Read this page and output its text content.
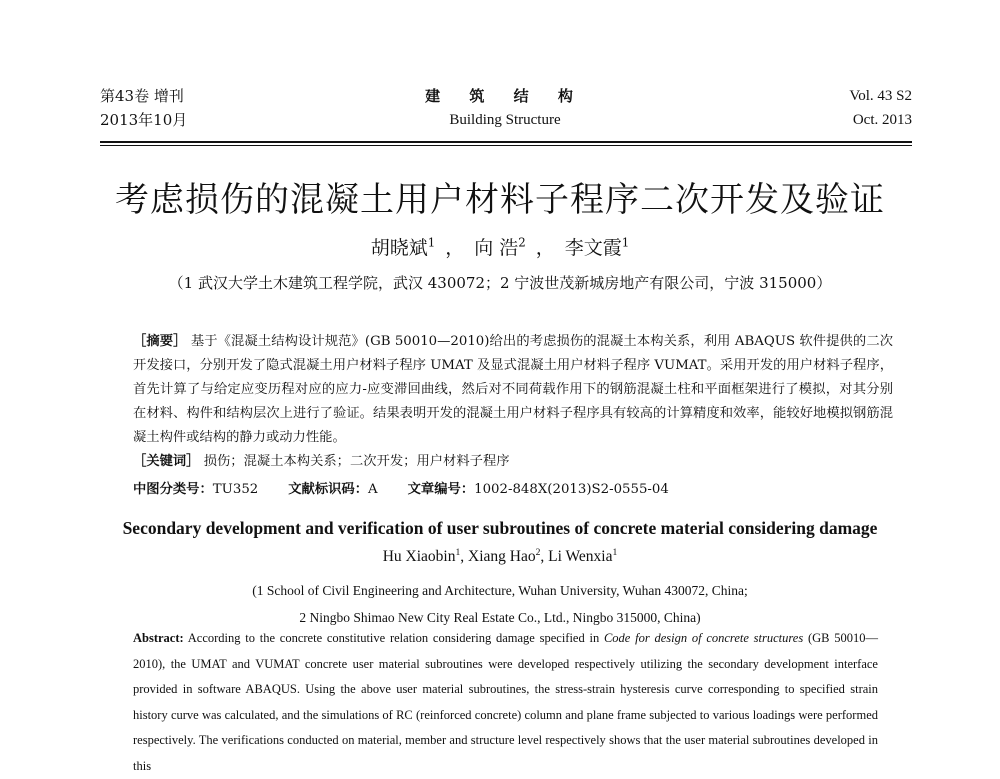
第43卷 增刊
2013年10月
建 筑 结 构
Building Structure
Vol. 43 S2
Oct. 2013
考虑损伤的混凝土用户材料子程序二次开发及验证
胡晓斌$^1$ ， 向 浩$^2$ ， 李文霞$^1$
（1 武汉大学土木建筑工程学院，武汉 430072；2 宁波世茂新城房地产有限公司，宁波 315000）
［摘要］ 基于《混凝土结构设计规范》(GB 50010—2010)给出的考虑损伤的混凝土本构关系，利用 ABAQUS 软件提供的二次开发接口，分别开发了隐式混凝土用户材料子程序 UMAT 及显式混凝土用户材料子程序 VUMAT。采用开发的用户材料子程序，首先计算了与给定应变历程对应的应力-应变滞回曲线，然后对不同荷载作用下的钢筋混凝土柱和平面框架进行了模拟，对其分别在材料、构件和结构层次上进行了验证。结果表明开发的混凝土用户材料子程序具有较高的计算精度和效率，能较好地模拟钢筋混凝土构件或结构的静力或动力性能。
［关键词］ 损伤；混凝土本构关系；二次开发；用户材料子程序
中图分类号：TU352 文献标识码：A 文章编号：1002-848X(2013)S2-0555-04
Secondary development and verification of user subroutines of concrete material considering damage
Hu Xiaobin$^1$, Xiang Hao$^2$, Li Wenxia$^1$
(1 School of Civil Engineering and Architecture, Wuhan University, Wuhan 430072, China;
2 Ningbo Shimao New City Real Estate Co., Ltd., Ningbo 315000, China)
Abstract: According to the concrete constitutive relation considering damage specified in Code for design of concrete structures (GB 50010—2010), the UMAT and VUMAT concrete user material subroutines were developed respectively utilizing the secondary development interface provided in software ABAQUS. Using the above user material subroutines, the stress-strain hysteresis curve corresponding to specified strain history curve was calculated, and the simulations of RC (reinforced concrete) column and plane frame subjected to various loadings were performed respectively. The verifications conducted on material, member and structure level respectively shows that the user material subroutines developed in this
